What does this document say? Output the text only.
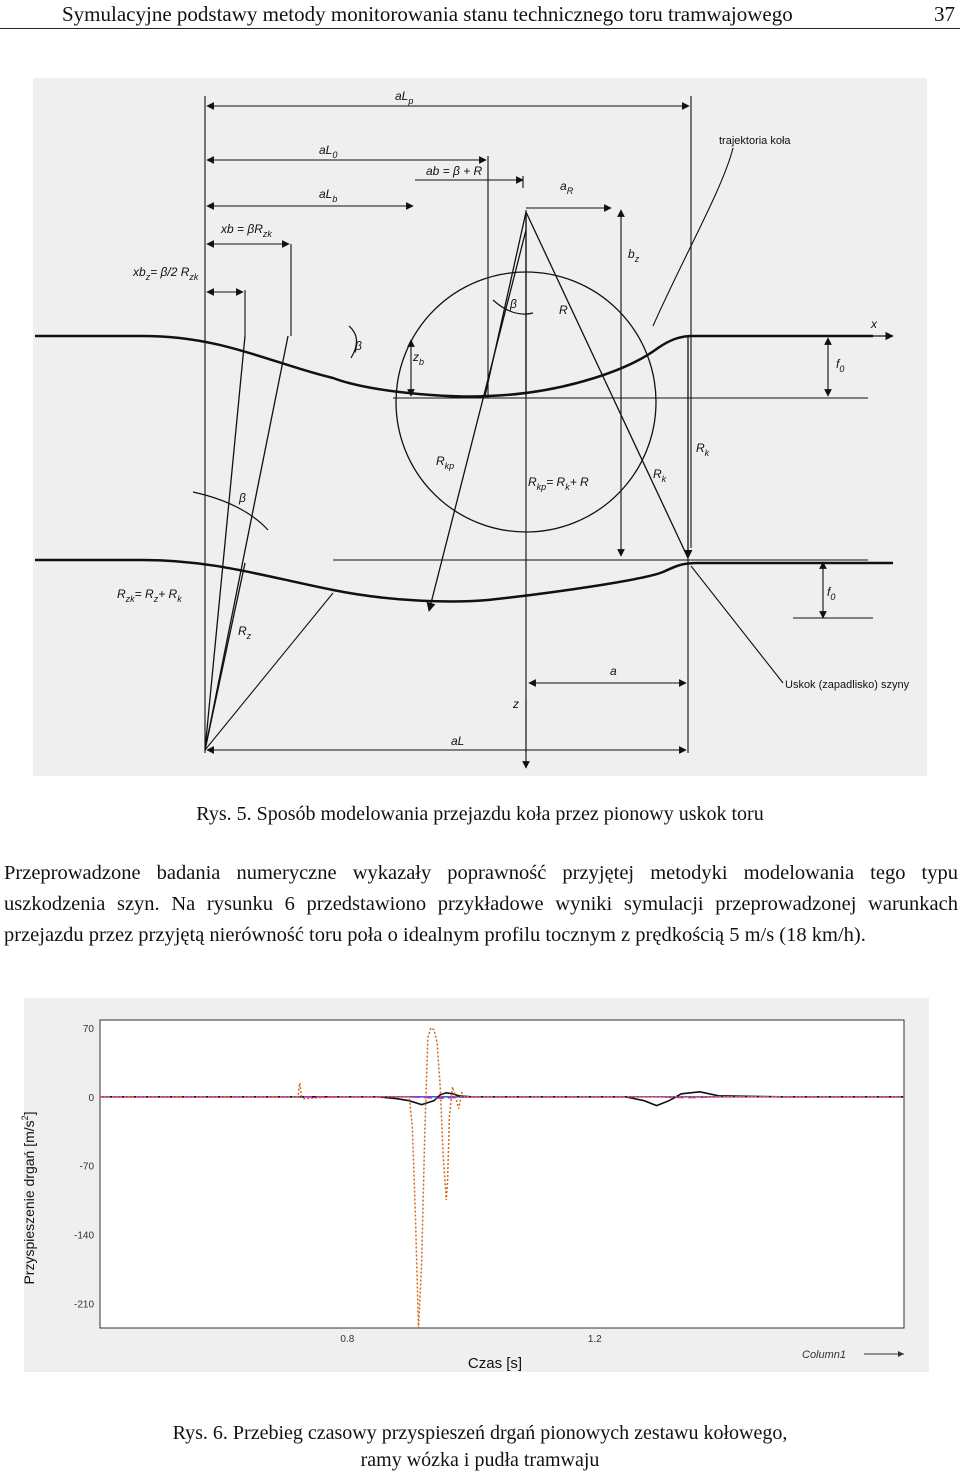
Symulacyjne podstawy metody monitorowania stanu technicznego toru tramwajowego	37
$aL_p$
$aL_0$
ab = β + R
$aL_b$
$a_R$
trajektoria koła
xb = $\beta R_{zk}$
$xb_z= \beta/2$ $R_{zk}$
$b_z$
β	R
x
β
$z_b$	$f_0$
$R_{kp}$
$R_k$
$R_{kp}= R_k+ R$
$R_k$
β
$R_{zk}= R_z+ R_k$	$f_0$
$R_z$
a
Uskok (zapadlisko) szyny
z
aL
Rys. 5. Sposób modelowania przejazdu koła przez pionowy uskok toru
Przeprowadzone badania numeryczne wykazały poprawność przyjętej metodyki modelowania tego typu uszkodzenia szyn. Na rysunku 6 przedstawiono przykładowe wyniki symulacji przeprowadzonej warunkach przejazdu przez przyjętą nierówność toru poła o idealnym profilu tocznym z prędkością 5 m/s (18 km/h).
70
0
-70
-140
-210
0.8	1.2
Przyspieszenie drgań $[m/s^2]$
Czas [s]	Column1
Rys. 6. Przebieg czasowy przyspieszeń drgań pionowych zestawu kołowego,
ramy wózka i pudła tramwaju
